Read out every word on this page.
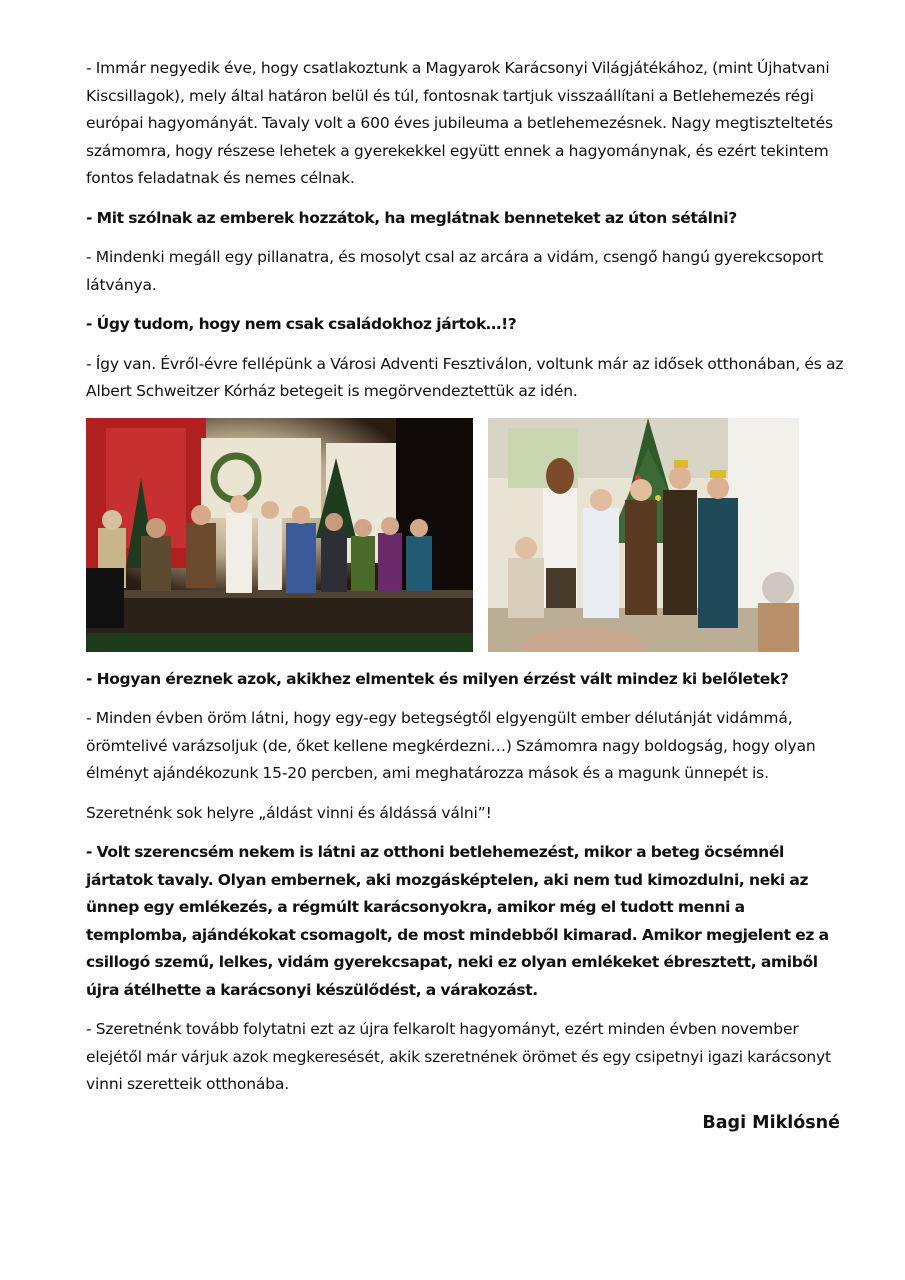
- Immár negyedik éve, hogy csatlakoztunk a Magyarok Karácsonyi Világjátékához, (mint Újhatvani Kiscsillagok), mely által határon belül és túl, fontosnak tartjuk visszaállítani a Betlehemezés régi európai hagyományát. Tavaly volt a 600 éves jubileuma a betlehemezésnek. Nagy megtiszteltetés számomra, hogy részese lehetek a gyerekekkel együtt ennek a hagyománynak, és ezért tekintem fontos feladatnak és nemes célnak.

- Mit szólnak az emberek hozzátok, ha meglátnak benneteket az úton sétálni?

- Mindenki megáll egy pillanatra, és mosolyt csal az arcára a vidám, csengő hangú gyerekcsoport látványa.

- Úgy tudom, hogy nem csak családokhoz jártok…!?

- Így van. Évről-évre fellépünk a Városi Adventi Fesztiválon, voltunk már az idősek otthonában, és az Albert Schweitzer Kórház betegeit is megörvendeztettük az idén.

- Hogyan éreznek azok, akikhez elmentek és milyen érzést vált mindez ki belőletek?

- Minden évben öröm látni, hogy egy-egy betegségtől elgyengült ember délutánját vidámmá, örömtelivé varázsoljuk (de, őket kellene megkérdezni…) Számomra nagy boldogság, hogy olyan élményt ajándékozunk 15-20 percben, ami meghatározza mások és a magunk ünnepét is.

Szeretnénk sok helyre „áldást vinni és áldássá válni”!

- Volt szerencsém nekem is látni az otthoni betlehemezést, mikor a beteg öcsémnél jártatok tavaly. Olyan embernek, aki mozgásképtelen, aki nem tud kimozdulni, neki az ünnep egy emlékezés, a régmúlt karácsonyokra, amikor még el tudott menni a templomba, ajándékokat csomagolt, de most mindebből kimarad. Amikor megjelent ez a csillogó szemű, lelkes, vidám gyerekcsapat, neki ez olyan emlékeket ébresztett, amiből újra átélhette a karácsonyi készülődést, a várakozást.

- Szeretnénk tovább folytatni ezt az újra felkarolt hagyományt, ezért minden évben november elejétől már várjuk azok megkeresését, akik szeretnének örömet és egy csipetnyi igazi karácsonyt vinni szeretteik otthonába.

Bagi Miklósné
